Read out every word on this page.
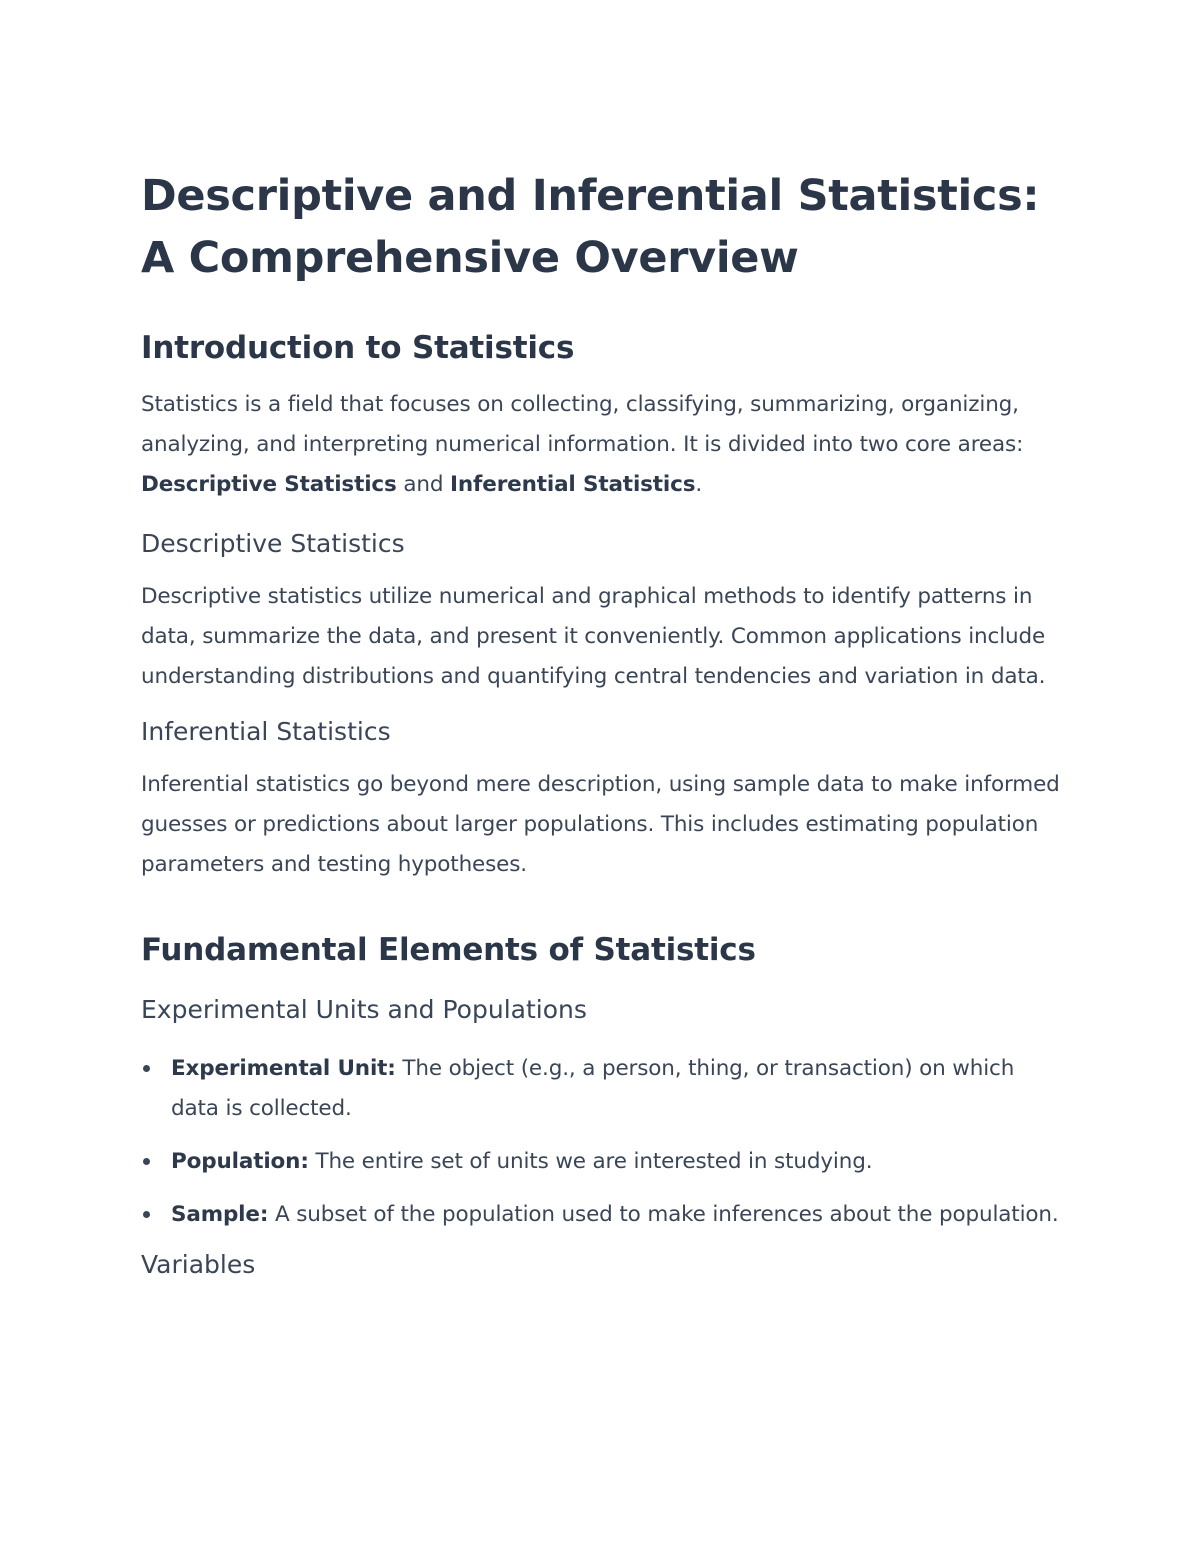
Descriptive and Inferential Statistics: A Comprehensive Overview
Introduction to Statistics

Statistics is a field that focuses on collecting, classifying, summarizing, organizing, analyzing, and interpreting numerical information. It is divided into two core areas: Descriptive Statistics and Inferential Statistics.

Descriptive Statistics

Descriptive statistics utilize numerical and graphical methods to identify patterns in data, summarize the data, and present it conveniently. Common applications include understanding distributions and quantifying central tendencies and variation in data.

Inferential Statistics

Inferential statistics go beyond mere description, using sample data to make informed guesses or predictions about larger populations. This includes estimating population parameters and testing hypotheses.

Fundamental Elements of Statistics
Experimental Units and Populations
Experimental Unit: The object (e.g., a person, thing, or transaction) on which data is collected.
Population: The entire set of units we are interested in studying.
Sample: A subset of the population used to make inferences about the population.
Variables
